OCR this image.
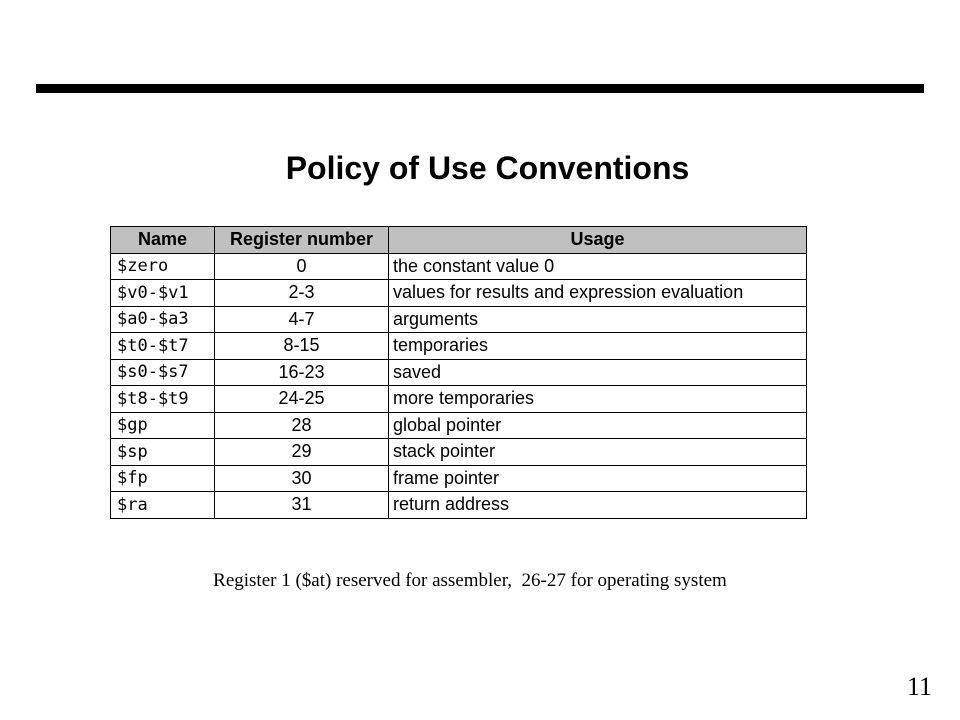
Policy of Use Conventions
Name	Register number	Usage
$zero	0	the constant value 0
$v0-$v1	2-3	values for results and expression evaluation
$a0-$a3	4-7	arguments
$t0-$t7	8-15	temporaries
$s0-$s7	16-23	saved
$t8-$t9	24-25	more temporaries
$gp	28	global pointer
$sp	29	stack pointer
$fp	30	frame pointer
$ra	31	return address
Register 1 ($at) reserved for assembler,  26-27 for operating system
11
